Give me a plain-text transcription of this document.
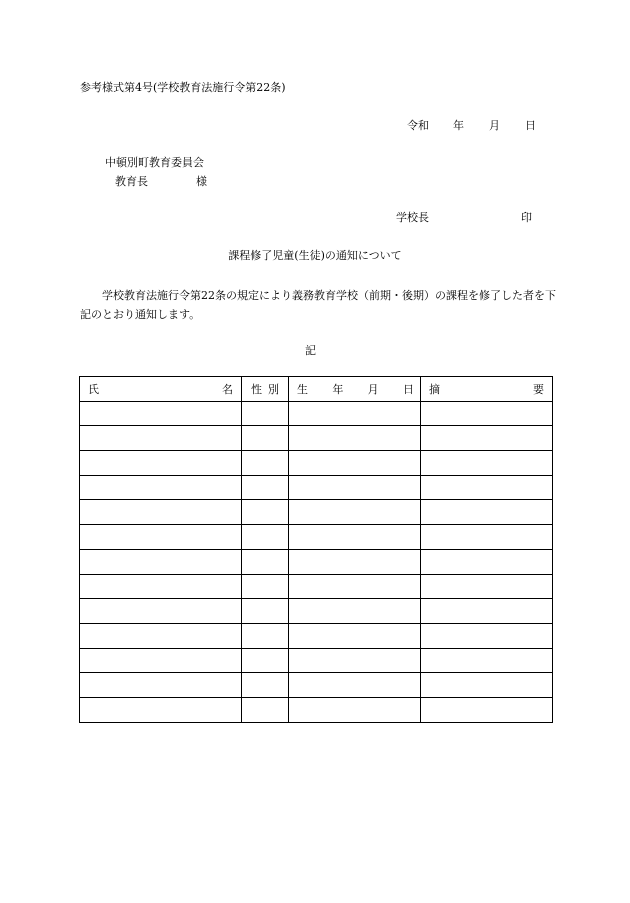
参考様式第4号(学校教育法施行令第22条)
令和 年 月 日
中頓別町教育委員会
教育長	様
学校長	印
課程修了児童(生徒)の通知について
学校教育法施行令第22条の規定により義務教育学校（前期・後期）の課程を修了した者を下記のとおり通知します。
記
氏 名	性 別	生 年 月 日	摘 要
